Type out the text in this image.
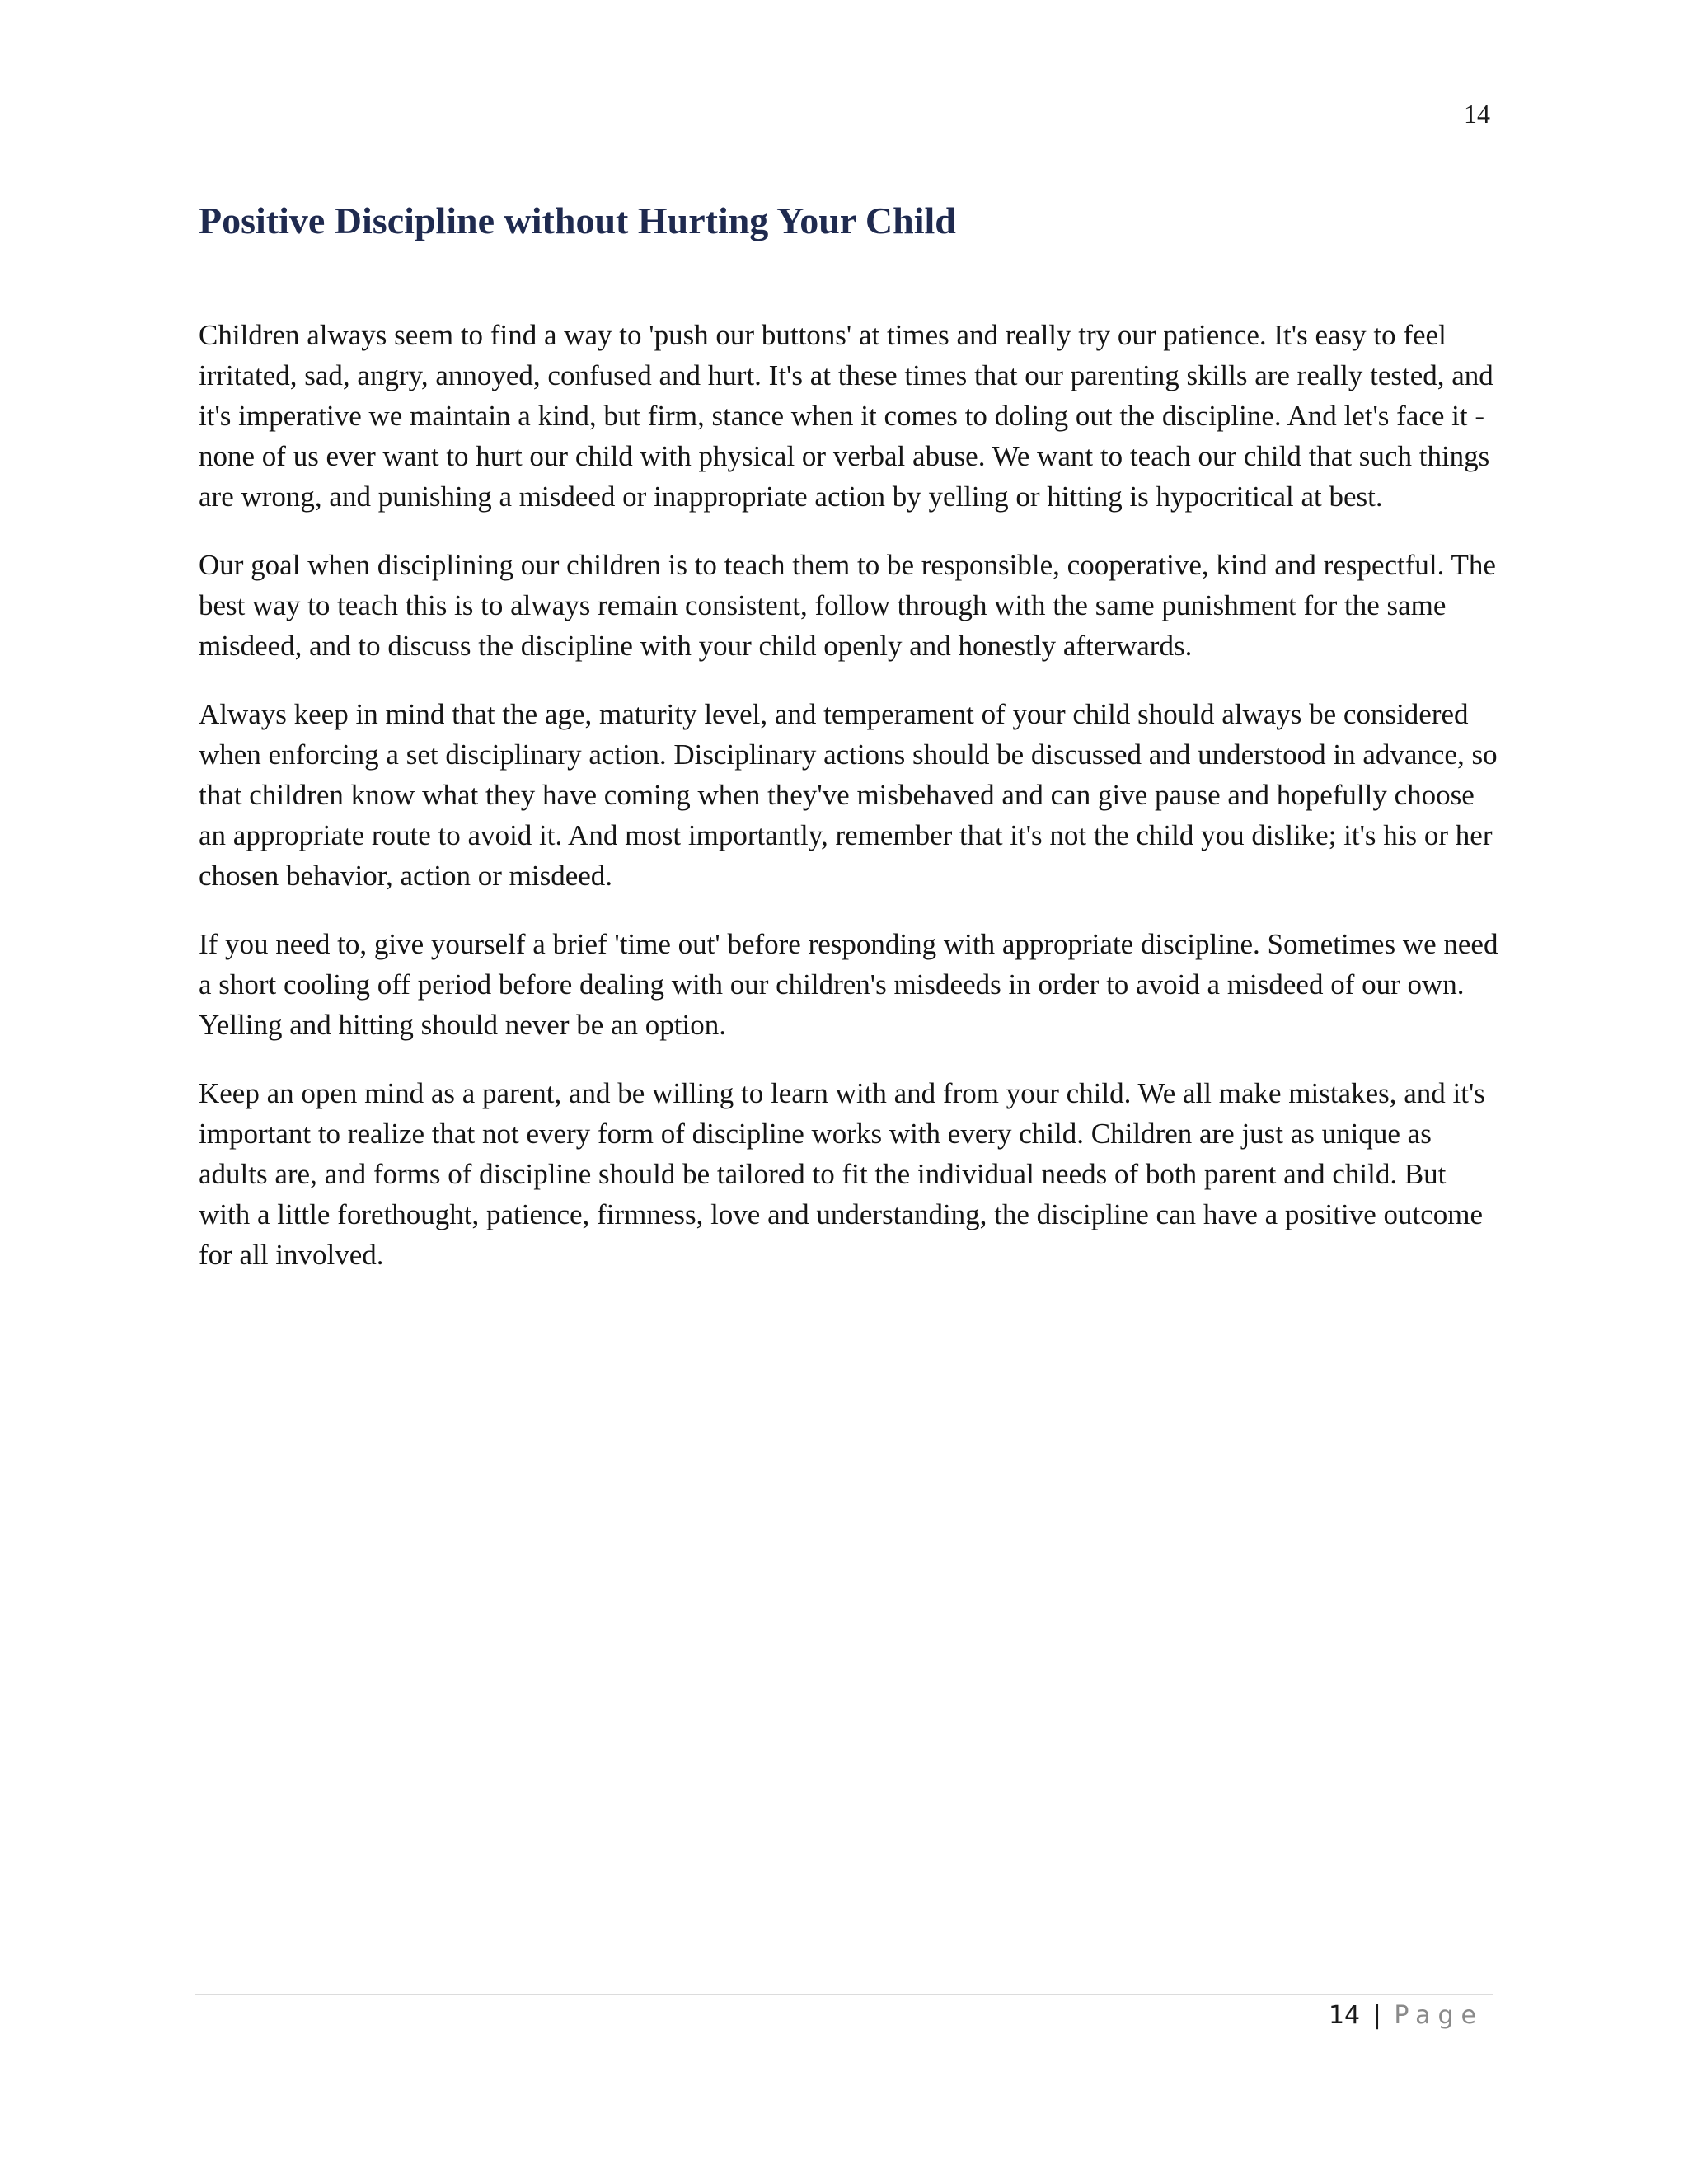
14
Positive Discipline without Hurting Your Child

Children always seem to find a way to 'push our buttons' at times and really try our patience. It's easy to feel irritated, sad, angry, annoyed, confused and hurt. It's at these times that our parenting skills are really tested, and it's imperative we maintain a kind, but firm, stance when it comes to doling out the discipline. And let's face it - none of us ever want to hurt our child with physical or verbal abuse. We want to teach our child that such things are wrong, and punishing a misdeed or inappropriate action by yelling or hitting is hypocritical at best.

Our goal when disciplining our children is to teach them to be responsible, cooperative, kind and respectful. The best way to teach this is to always remain consistent, follow through with the same punishment for the same misdeed, and to discuss the discipline with your child openly and honestly afterwards.

Always keep in mind that the age, maturity level, and temperament of your child should always be considered when enforcing a set disciplinary action. Disciplinary actions should be discussed and understood in advance, so that children know what they have coming when they've misbehaved and can give pause and hopefully choose an appropriate route to avoid it. And most importantly, remember that it's not the child you dislike; it's his or her chosen behavior, action or misdeed.

If you need to, give yourself a brief 'time out' before responding with appropriate discipline. Sometimes we need a short cooling off period before dealing with our children's misdeeds in order to avoid a misdeed of our own. Yelling and hitting should never be an option.

Keep an open mind as a parent, and be willing to learn with and from your child. We all make mistakes, and it's important to realize that not every form of discipline works with every child. Children are just as unique as adults are, and forms of discipline should be tailored to fit the individual needs of both parent and child. But with a little forethought, patience, firmness, love and understanding, the discipline can have a positive outcome for all involved.

14 | Page
